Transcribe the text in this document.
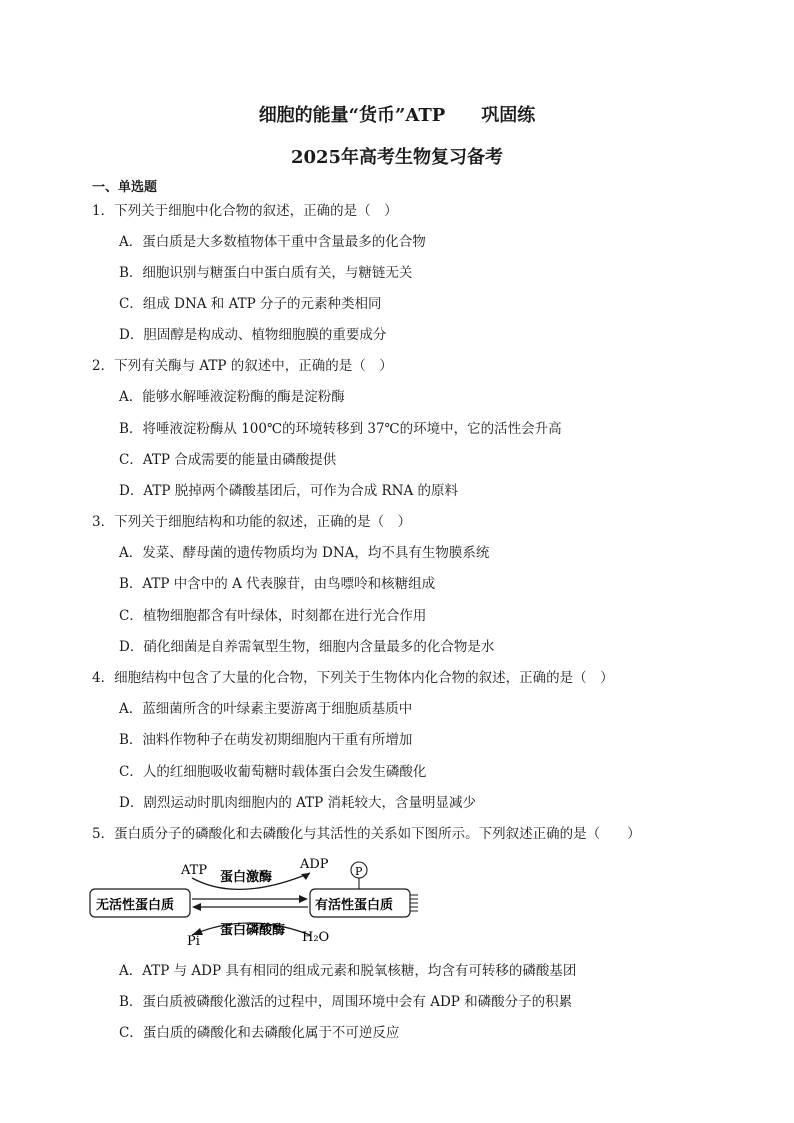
细胞的能量“货币”ATP　　巩固练
2025年高考生物复习备考
一、单选题
1．下列关于细胞中化合物的叙述，正确的是（　）
A．蛋白质是大多数植物体干重中含量最多的化合物
B．细胞识别与糖蛋白中蛋白质有关，与糖链无关
C．组成 DNA 和 ATP 分子的元素种类相同
D．胆固醇是构成动、植物细胞膜的重要成分
2．下列有关酶与 ATP 的叙述中，正确的是（　）
A．能够水解唾液淀粉酶的酶是淀粉酶
B．将唾液淀粉酶从 100℃的环境转移到 37℃的环境中，它的活性会升高
C．ATP 合成需要的能量由磷酸提供
D．ATP 脱掉两个磷酸基团后，可作为合成 RNA 的原料
3．下列关于细胞结构和功能的叙述，正确的是（　）
A．发菜、酵母菌的遗传物质均为 DNA，均不具有生物膜系统
B．ATP 中含中的 A 代表腺苷，由鸟嘌呤和核糖组成
C．植物细胞都含有叶绿体，时刻都在进行光合作用
D．硝化细菌是自养需氧型生物，细胞内含量最多的化合物是水
4．细胞结构中包含了大量的化合物，下列关于生物体内化合物的叙述，正确的是（　）
A．蓝细菌所含的叶绿素主要游离于细胞质基质中
B．油料作物种子在萌发初期细胞内干重有所增加
C．人的红细胞吸收葡萄糖时载体蛋白会发生磷酸化
D．剧烈运动时肌肉细胞内的 ATP 消耗较大，含量明显减少
5．蛋白质分子的磷酸化和去磷酸化与其活性的关系如下图所示。下列叙述正确的是（　　）
ATP 蛋白激酶
ADP P
无活性蛋白质	有活性蛋白质
蛋白磷酸酶
Pi	H₂O
A．ATP 与 ADP 具有相同的组成元素和脱氧核糖，均含有可转移的磷酸基团
B．蛋白质被磷酸化激活的过程中，周围环境中会有 ADP 和磷酸分子的积累
C．蛋白质的磷酸化和去磷酸化属于不可逆反应
